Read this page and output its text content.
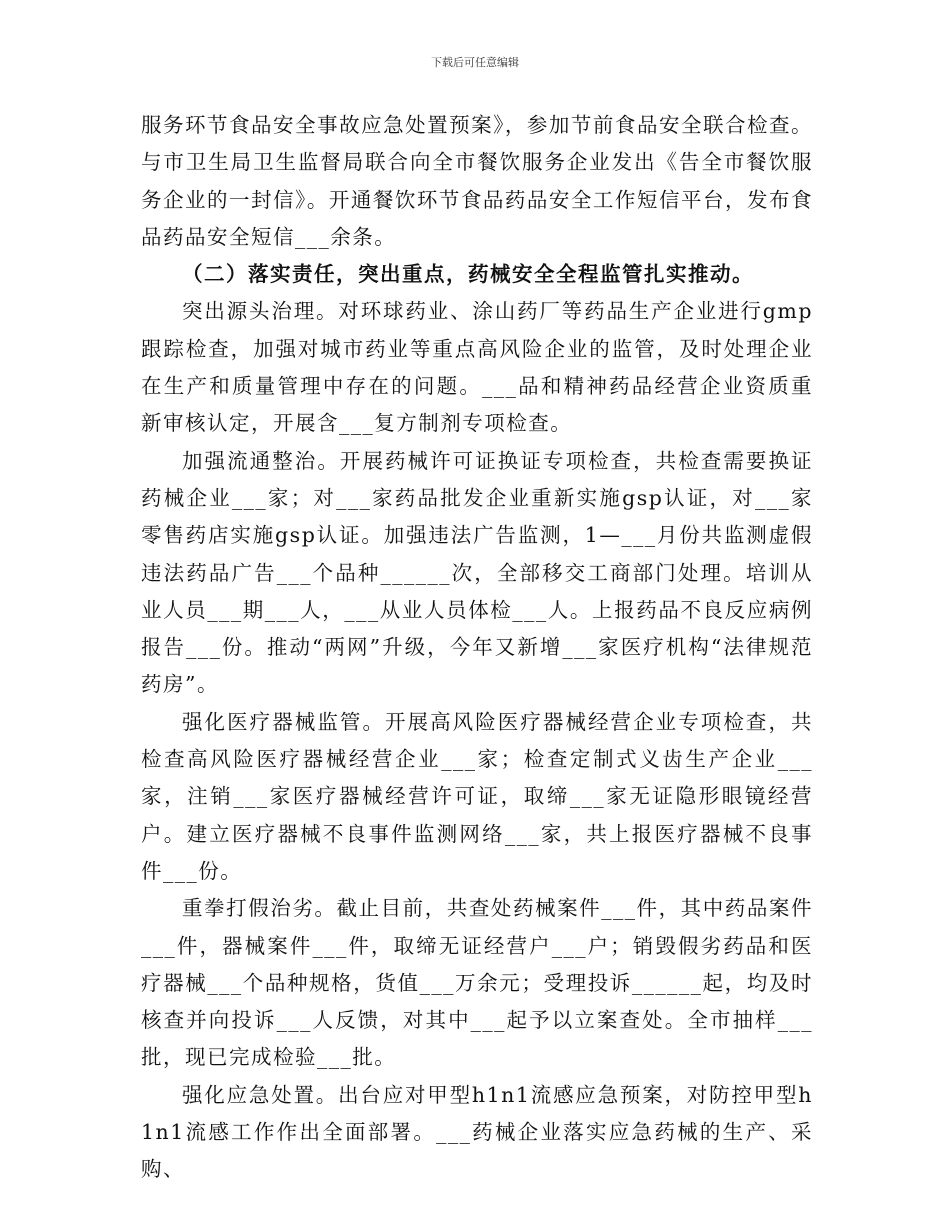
下载后可任意编辑

服务环节食品安全事故应急处置预案》，参加节前食品安全联合检查。与市卫生局卫生监督局联合向全市餐饮服务企业发出《告全市餐饮服务企业的一封信》。开通餐饮环节食品药品安全工作短信平台，发布食品药品安全短信___余条。

（二）落实责任，突出重点，药械安全全程监管扎实推动。

突出源头治理。对环球药业、涂山药厂等药品生产企业进行gmp跟踪检查，加强对城市药业等重点高风险企业的监管，及时处理企业在生产和质量管理中存在的问题。___品和精神药品经营企业资质重新审核认定，开展含___复方制剂专项检查。

加强流通整治。开展药械许可证换证专项检查，共检查需要换证药械企业___家；对___家药品批发企业重新实施gsp认证，对___家零售药店实施gsp认证。加强违法广告监测，1—___月份共监测虚假违法药品广告___个品种______次，全部移交工商部门处理。培训从业人员___期___人，___从业人员体检___人。上报药品不良反应病例报告___份。推动“两网”升级，今年又新增___家医疗机构“法律规范药房”。

强化医疗器械监管。开展高风险医疗器械经营企业专项检查，共检查高风险医疗器械经营企业___家；检查定制式义齿生产企业___家，注销___家医疗器械经营许可证，取缔___家无证隐形眼镜经营户。建立医疗器械不良事件监测网络___家，共上报医疗器械不良事件___份。

重拳打假治劣。截止目前，共查处药械案件___件，其中药品案件___件，器械案件___件，取缔无证经营户___户；销毁假劣药品和医疗器械___个品种规格，货值___万余元；受理投诉______起，均及时核查并向投诉___人反馈，对其中___起予以立案查处。全市抽样___批，现已完成检验___批。

强化应急处置。出台应对甲型h1n1流感应急预案，对防控甲型h1n1流感工作作出全面部署。___药械企业落实应急药械的生产、采购、
